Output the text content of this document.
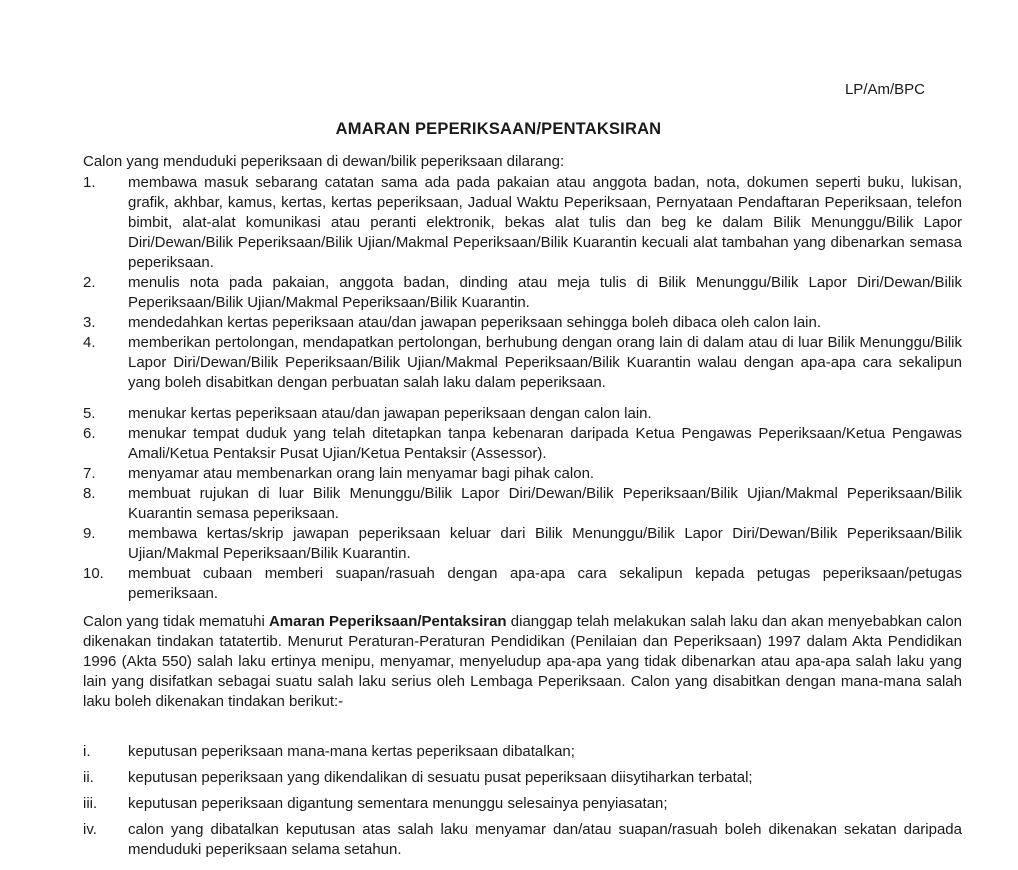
LP/Am/BPC
AMARAN PEPERIKSAAN/PENTAKSIRAN
Calon yang menduduki peperiksaan di dewan/bilik peperiksaan dilarang:
1.	membawa masuk sebarang catatan sama ada pada pakaian atau anggota badan, nota, dokumen seperti buku, lukisan, grafik, akhbar, kamus, kertas, kertas peperiksaan, Jadual Waktu Peperiksaan, Pernyataan Pendaftaran Peperiksaan, telefon bimbit, alat-alat komunikasi atau peranti elektronik, bekas alat tulis dan beg ke dalam Bilik Menunggu/Bilik Lapor Diri/Dewan/Bilik Peperiksaan/Bilik Ujian/Makmal Peperiksaan/Bilik Kuarantin kecuali alat tambahan yang dibenarkan semasa peperiksaan.
2.	menulis nota pada pakaian, anggota badan, dinding atau meja tulis di Bilik Menunggu/Bilik Lapor Diri/Dewan/Bilik Peperiksaan/Bilik Ujian/Makmal Peperiksaan/Bilik Kuarantin.
3.	mendedahkan kertas peperiksaan atau/dan jawapan peperiksaan sehingga boleh dibaca oleh calon lain.
4.	memberikan pertolongan, mendapatkan pertolongan, berhubung dengan orang lain di dalam atau di luar Bilik Menunggu/Bilik Lapor Diri/Dewan/Bilik Peperiksaan/Bilik Ujian/Makmal Peperiksaan/Bilik Kuarantin walau dengan apa-apa cara sekalipun yang boleh disabitkan dengan perbuatan salah laku dalam peperiksaan.
5.	menukar kertas peperiksaan atau/dan jawapan peperiksaan dengan calon lain.
6.	menukar tempat duduk yang telah ditetapkan tanpa kebenaran daripada Ketua Pengawas Peperiksaan/Ketua Pengawas Amali/Ketua Pentaksir Pusat Ujian/Ketua Pentaksir (Assessor).
7.	menyamar atau membenarkan orang lain menyamar bagi pihak calon.
8.	membuat rujukan di luar Bilik Menunggu/Bilik Lapor Diri/Dewan/Bilik Peperiksaan/Bilik Ujian/Makmal Peperiksaan/Bilik Kuarantin semasa peperiksaan.
9.	membawa kertas/skrip jawapan peperiksaan keluar dari Bilik Menunggu/Bilik Lapor Diri/Dewan/Bilik Peperiksaan/Bilik Ujian/Makmal Peperiksaan/Bilik Kuarantin.
10.	membuat cubaan memberi suapan/rasuah dengan apa-apa cara sekalipun kepada petugas peperiksaan/petugas pemeriksaan.
Calon yang tidak mematuhi Amaran Peperiksaan/Pentaksiran dianggap telah melakukan salah laku dan akan menyebabkan calon dikenakan tindakan tatatertib. Menurut Peraturan-Peraturan Pendidikan (Penilaian dan Peperiksaan) 1997 dalam Akta Pendidikan 1996 (Akta 550) salah laku ertinya menipu, menyamar, menyeludup apa-apa yang tidak dibenarkan atau apa-apa salah laku yang lain yang disifatkan sebagai suatu salah laku serius oleh Lembaga Peperiksaan. Calon yang disabitkan dengan mana-mana salah laku boleh dikenakan tindakan berikut:-
i.	keputusan peperiksaan mana-mana kertas peperiksaan dibatalkan;
ii.	keputusan peperiksaan yang dikendalikan di sesuatu pusat peperiksaan diisytiharkan terbatal;
iii.	keputusan peperiksaan digantung sementara menunggu selesainya penyiasatan;
iv.	calon yang dibatalkan keputusan atas salah laku menyamar dan/atau suapan/rasuah boleh dikenakan sekatan daripada menduduki peperiksaan selama setahun.
